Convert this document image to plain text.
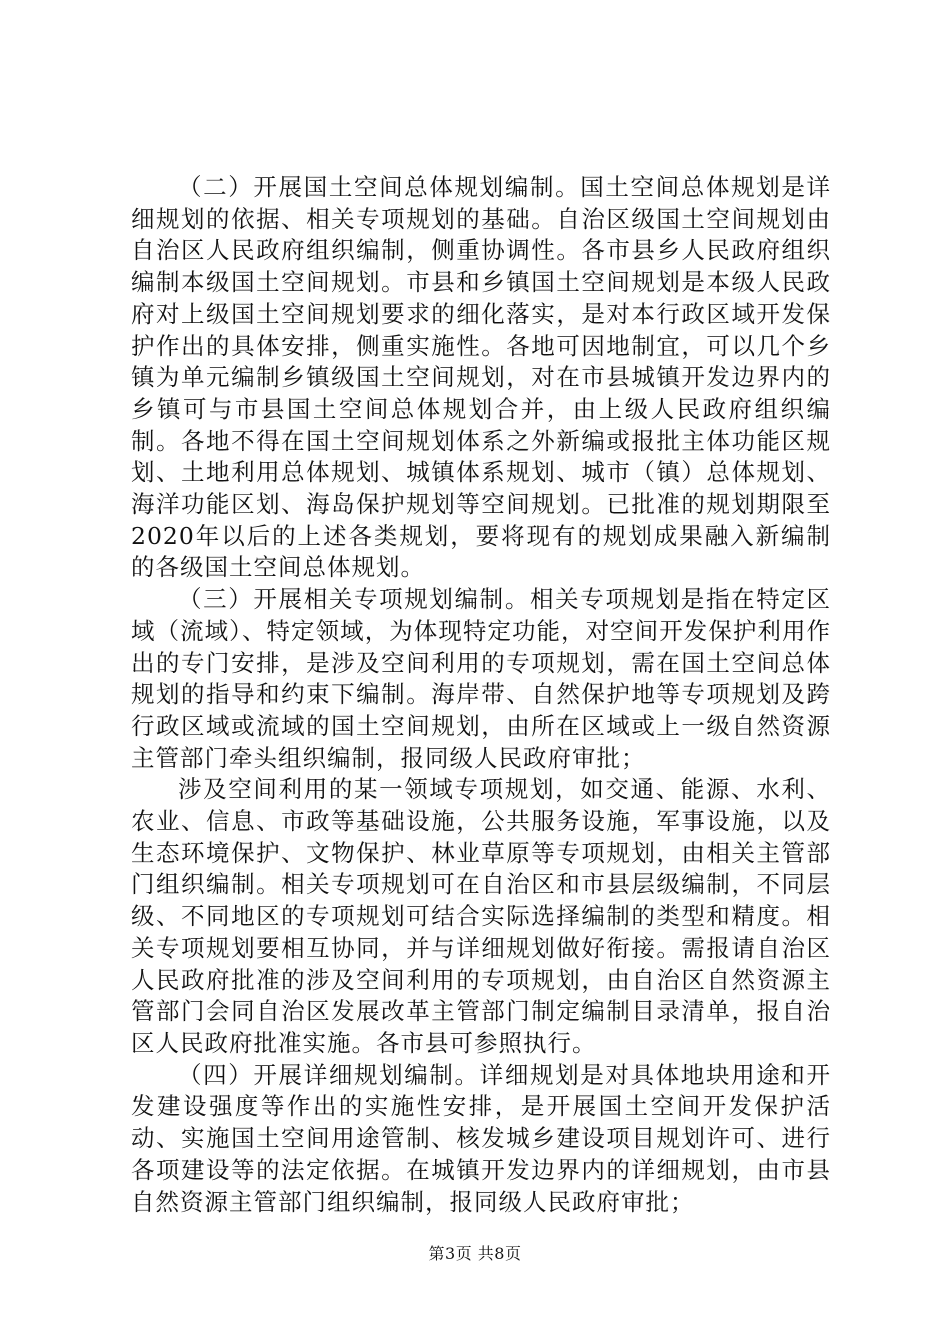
（二）开展国土空间总体规划编制。国土空间总体规划是详细规划的依据、相关专项规划的基础。自治区级国土空间规划由自治区人民政府组织编制，侧重协调性。各市县乡人民政府组织编制本级国土空间规划。市县和乡镇国土空间规划是本级人民政府对上级国土空间规划要求的细化落实，是对本行政区域开发保护作出的具体安排，侧重实施性。各地可因地制宜，可以几个乡镇为单元编制乡镇级国土空间规划，对在市县城镇开发边界内的乡镇可与市县国土空间总体规划合并，由上级人民政府组织编制。各地不得在国土空间规划体系之外新编或报批主体功能区规划、土地利用总体规划、城镇体系规划、城市（镇）总体规划、海洋功能区划、海岛保护规划等空间规划。已批准的规划期限至2020年以后的上述各类规划，要将现有的规划成果融入新编制的各级国土空间总体规划。

（三）开展相关专项规划编制。相关专项规划是指在特定区域（流域）、特定领域，为体现特定功能，对空间开发保护利用作出的专门安排，是涉及空间利用的专项规划，需在国土空间总体规划的指导和约束下编制。海岸带、自然保护地等专项规划及跨行政区域或流域的国土空间规划，由所在区域或上一级自然资源主管部门牵头组织编制，报同级人民政府审批；

涉及空间利用的某一领域专项规划，如交通、能源、水利、农业、信息、市政等基础设施，公共服务设施，军事设施，以及生态环境保护、文物保护、林业草原等专项规划，由相关主管部门组织编制。相关专项规划可在自治区和市县层级编制，不同层级、不同地区的专项规划可结合实际选择编制的类型和精度。相关专项规划要相互协同，并与详细规划做好衔接。需报请自治区人民政府批准的涉及空间利用的专项规划，由自治区自然资源主管部门会同自治区发展改革主管部门制定编制目录清单，报自治区人民政府批准实施。各市县可参照执行。

（四）开展详细规划编制。详细规划是对具体地块用途和开发建设强度等作出的实施性安排，是开展国土空间开发保护活动、实施国土空间用途管制、核发城乡建设项目规划许可、进行各项建设等的法定依据。在城镇开发边界内的详细规划，由市县自然资源主管部门组织编制，报同级人民政府审批；

第3页 共8页
